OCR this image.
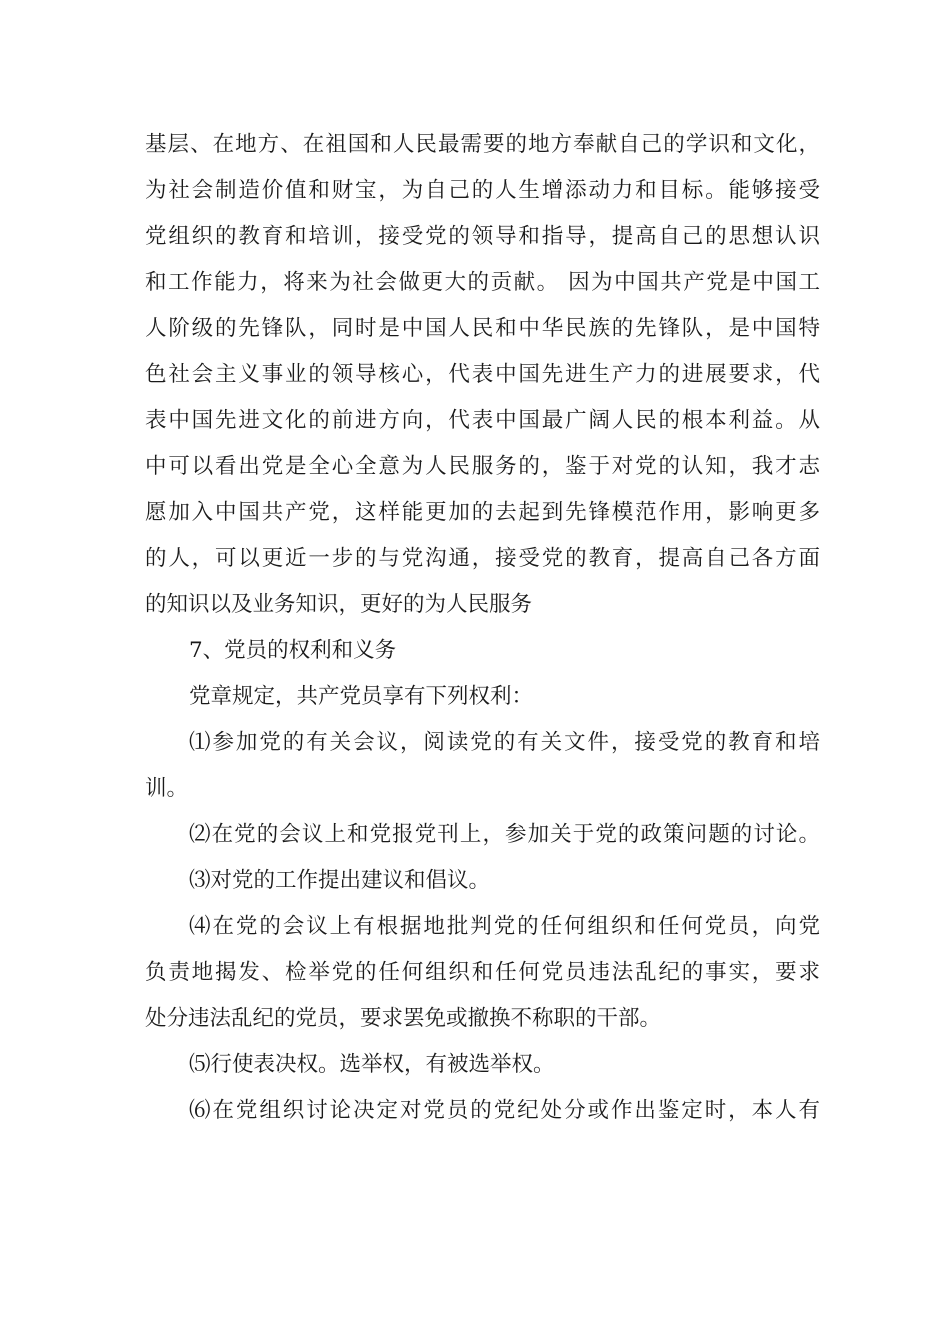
基层、在地方、在祖国和人民最需要的地方奉献自己的学识和文化，
为社会制造价值和财宝，为自己的人生增添动力和目标。能够接受
党组织的教育和培训，接受党的领导和指导，提高自己的思想认识
和工作能力，将来为社会做更大的贡献。 因为中国共产党是中国工
人阶级的先锋队，同时是中国人民和中华民族的先锋队，是中国特
色社会主义事业的领导核心，代表中国先进生产力的进展要求，代
表中国先进文化的前进方向，代表中国最广阔人民的根本利益。从
中可以看出党是全心全意为人民服务的，鉴于对党的认知，我才志
愿加入中国共产党，这样能更加的去起到先锋模范作用，影响更多
的人，可以更近一步的与党沟通，接受党的教育，提高自己各方面
的知识以及业务知识，更好的为人民服务
7、党员的权利和义务
党章规定，共产党员享有下列权利：
⑴参加党的有关会议，阅读党的有关文件，接受党的教育和培
训。
⑵在党的会议上和党报党刊上，参加关于党的政策问题的讨论。
⑶对党的工作提出建议和倡议。
⑷在党的会议上有根据地批判党的任何组织和任何党员，向党
负责地揭发、检举党的任何组织和任何党员违法乱纪的事实，要求
处分违法乱纪的党员，要求罢免或撤换不称职的干部。
⑸行使表决权。选举权，有被选举权。
⑹在党组织讨论决定对党员的党纪处分或作出鉴定时，本人有
